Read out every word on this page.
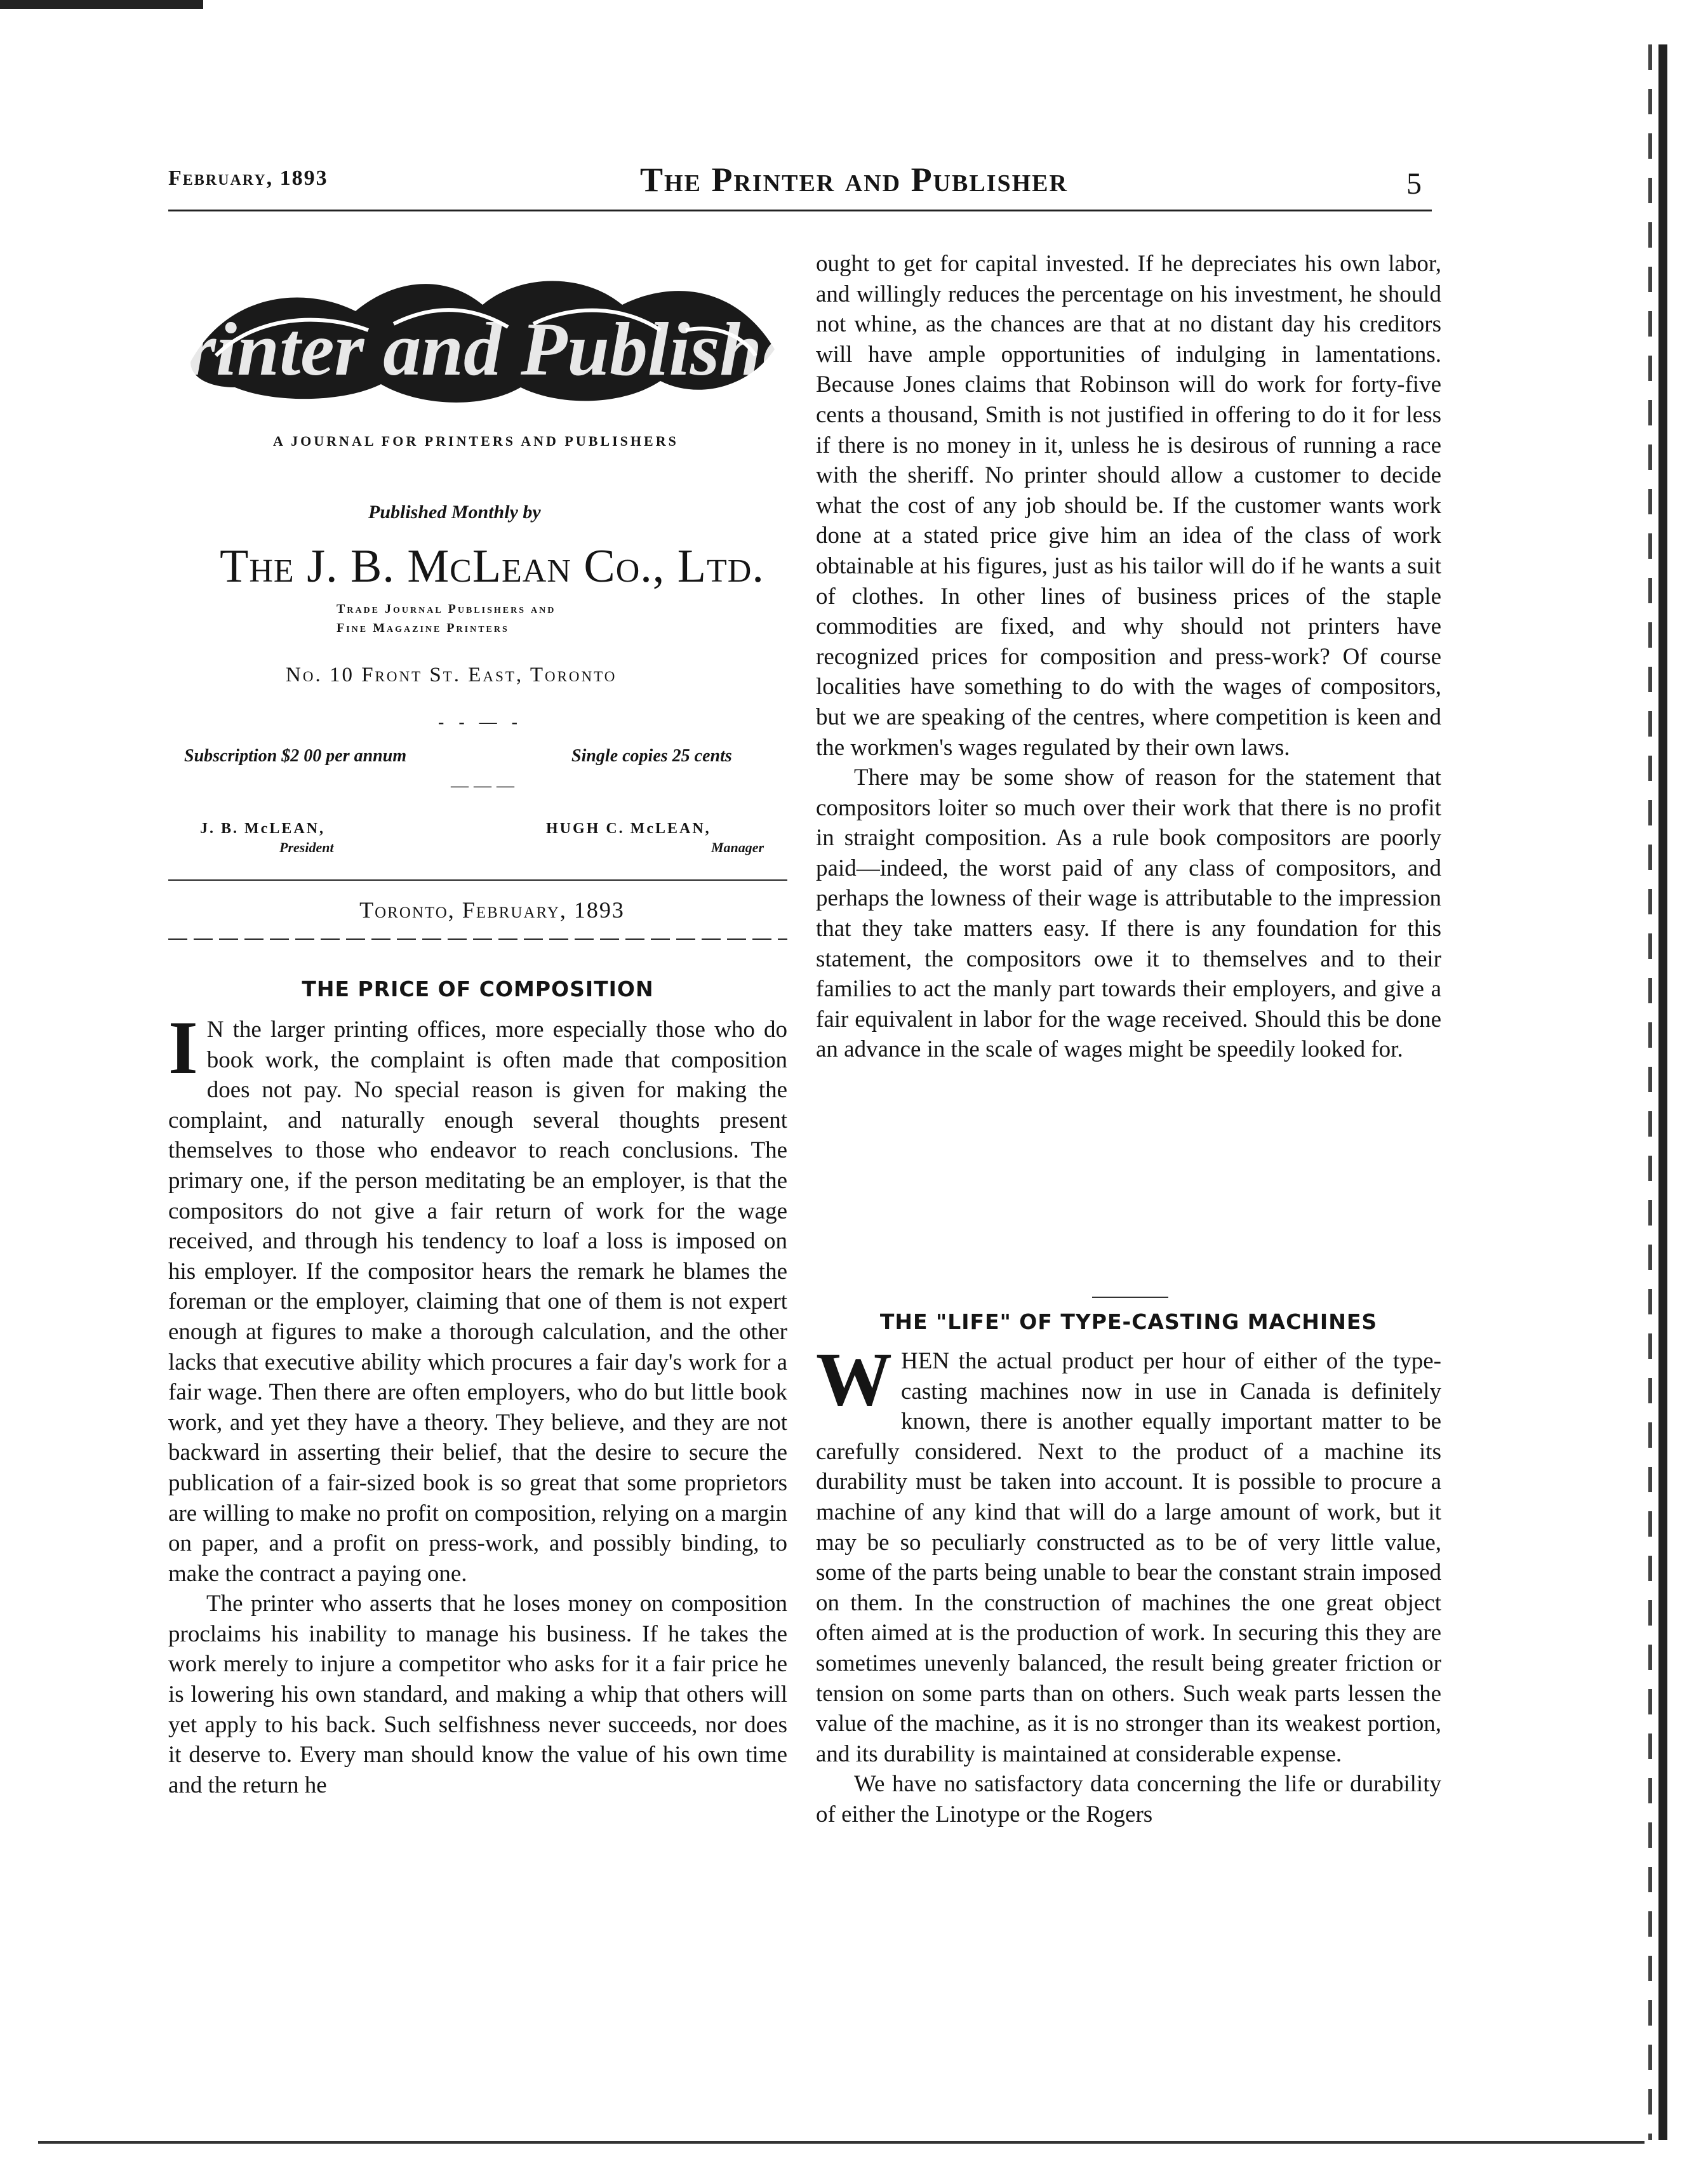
February, 1893	The Printer and Publisher	5
Printer and Publisher
A JOURNAL FOR PRINTERS AND PUBLISHERS
Published Monthly by
The J. B. McLean Co., Ltd.
Trade Journal Publishers and
Fine Magazine Printers
No. 10 Front St. East, Toronto
- - — -
Subscription $2 00 per annum	Single copies 25 cents
———
J. B. McLEAN,
President
HUGH C. McLEAN,
Manager
Toronto, February, 1893
THE PRICE OF COMPOSITION

I N the larger printing offices, more especially those who do book work, the complaint is often made that composition does not pay. No special reason is given for making the complaint, and naturally enough several thoughts present themselves to those who endeavor to reach conclusions. The primary one, if the person meditating be an employer, is that the compositors do not give a fair return of work for the wage received, and through his tendency to loaf a loss is imposed on his employer. If the compositor hears the remark he blames the foreman or the employer, claiming that one of them is not expert enough at figures to make a thorough calculation, and the other lacks that executive ability which procures a fair day's work for a fair wage. Then there are often employers, who do but little book work, and yet they have a theory. They believe, and they are not backward in asserting their belief, that the desire to secure the publication of a fair-sized book is so great that some proprietors are willing to make no profit on composition, relying on a margin on paper, and a profit on press-work, and possibly binding, to make the contract a paying one.

The printer who asserts that he loses money on composition proclaims his inability to manage his business. If he takes the work merely to injure a competitor who asks for it a fair price he is lowering his own standard, and making a whip that others will yet apply to his back. Such selfishness never succeeds, nor does it deserve to. Every man should know the value of his own time and the return he

ought to get for capital invested. If he depreciates his own labor, and willingly reduces the percentage on his investment, he should not whine, as the chances are that at no distant day his creditors will have ample opportunities of indulging in lamentations. Because Jones claims that Robinson will do work for forty-five cents a thousand, Smith is not justified in offering to do it for less if there is no money in it, unless he is desirous of running a race with the sheriff. No printer should allow a customer to decide what the cost of any job should be. If the customer wants work done at a stated price give him an idea of the class of work obtainable at his figures, just as his tailor will do if he wants a suit of clothes. In other lines of business prices of the staple commodities are fixed, and why should not printers have recognized prices for composition and press-work? Of course localities have something to do with the wages of compositors, but we are speaking of the centres, where competition is keen and the workmen's wages regulated by their own laws.

There may be some show of reason for the statement that compositors loiter so much over their work that there is no profit in straight composition. As a rule book compositors are poorly paid—indeed, the worst paid of any class of compositors, and perhaps the lowness of their wage is attributable to the impression that they take matters easy. If there is any foundation for this statement, the compositors owe it to themselves and to their families to act the manly part towards their employers, and give a fair equivalent in labor for the wage received. Should this be done an advance in the scale of wages might be speedily looked for.

THE "LIFE" OF TYPE-CASTING MACHINES

WHEN the actual product per hour of either of the type-casting machines now in use in Canada is definitely known, there is another equally important matter to be carefully considered. Next to the product of a machine its durability must be taken into account. It is possible to procure a machine of any kind that will do a large amount of work, but it may be so peculiarly constructed as to be of very little value, some of the parts being unable to bear the constant strain imposed on them. In the construction of machines the one great object often aimed at is the production of work. In securing this they are sometimes unevenly balanced, the result being greater friction or tension on some parts than on others. Such weak parts lessen the value of the machine, as it is no stronger than its weakest portion, and its durability is maintained at considerable expense.

We have no satisfactory data concerning the life or durability of either the Linotype or the Rogers
